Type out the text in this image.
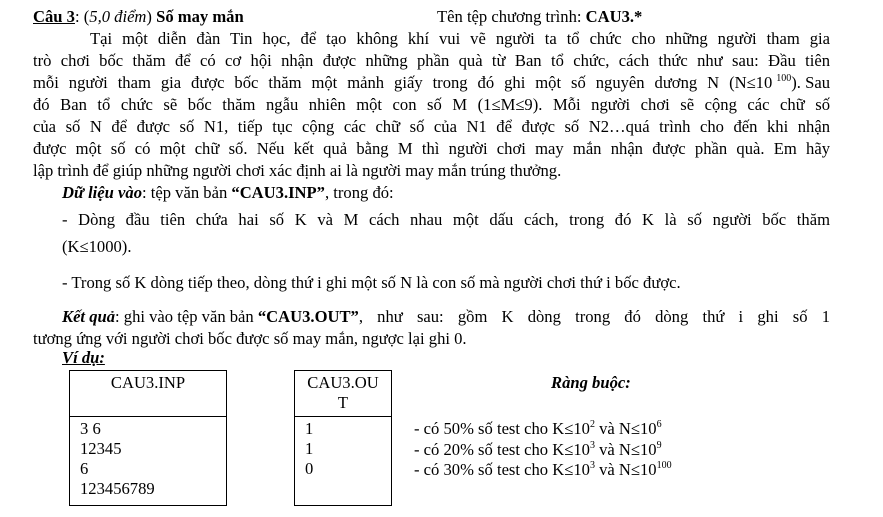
Câu 3: (5,0 điểm) Số may mắn	Tên tệp chương trình: CAU3.*
Tại một diễn đàn Tin học, để tạo không khí vui vẽ người ta tổ chức cho những người tham gia
trò chơi bốc thăm để có cơ hội nhận được những phần quà từ Ban tổ chức, cách thức như sau: Đầu tiên
mỗi người tham gia được bốc thăm một mảnh giấy trong đó ghi một số nguyên dương N (N≤10 $^{100}$). Sau
đó Ban tổ chức sẽ bốc thăm ngẫu nhiên một con số M (1≤M≤9). Mỗi người chơi sẽ cộng các chữ số
của số N để được số N1, tiếp tục cộng các chữ số của N1 để được số N2…quá trình cho đến khi nhận
được một số có một chữ số. Nếu kết quả bằng M thì người chơi may mắn nhận được phần quà. Em hãy
lập trình để giúp những người chơi xác định ai là người may mắn trúng thưởng.
Dữ liệu vào: tệp văn bản “CAU3.INP”, trong đó:
- Dòng đầu tiên chứa hai số K và M cách nhau một dấu cách, trong đó K là số người bốc thăm
(K≤1000).
- Trong số K dòng tiếp theo, dòng thứ i ghi một số N là con số mà người chơi thứ i bốc được.
Kết quả : ghi vào tệp văn bản “CAU3.OUT” , như sau: gồm K dòng trong đó dòng thứ i ghi số 1
tương ứng với người chơi bốc được số may mắn, ngược lại ghi 0.
Ví dụ:
CAU3.INP
3 6
12345
6
123456789
CAU3.OU
T
1
1
0
Ràng buộc:
- có 50% số test cho $K\le 10^2$ và $N\le 10^6$
- có 20% số test cho $K\le 10^3$ và $N\le 10^9$
- có 30% số test cho $K\le 10^3$ và $N\le 10^{100}$
